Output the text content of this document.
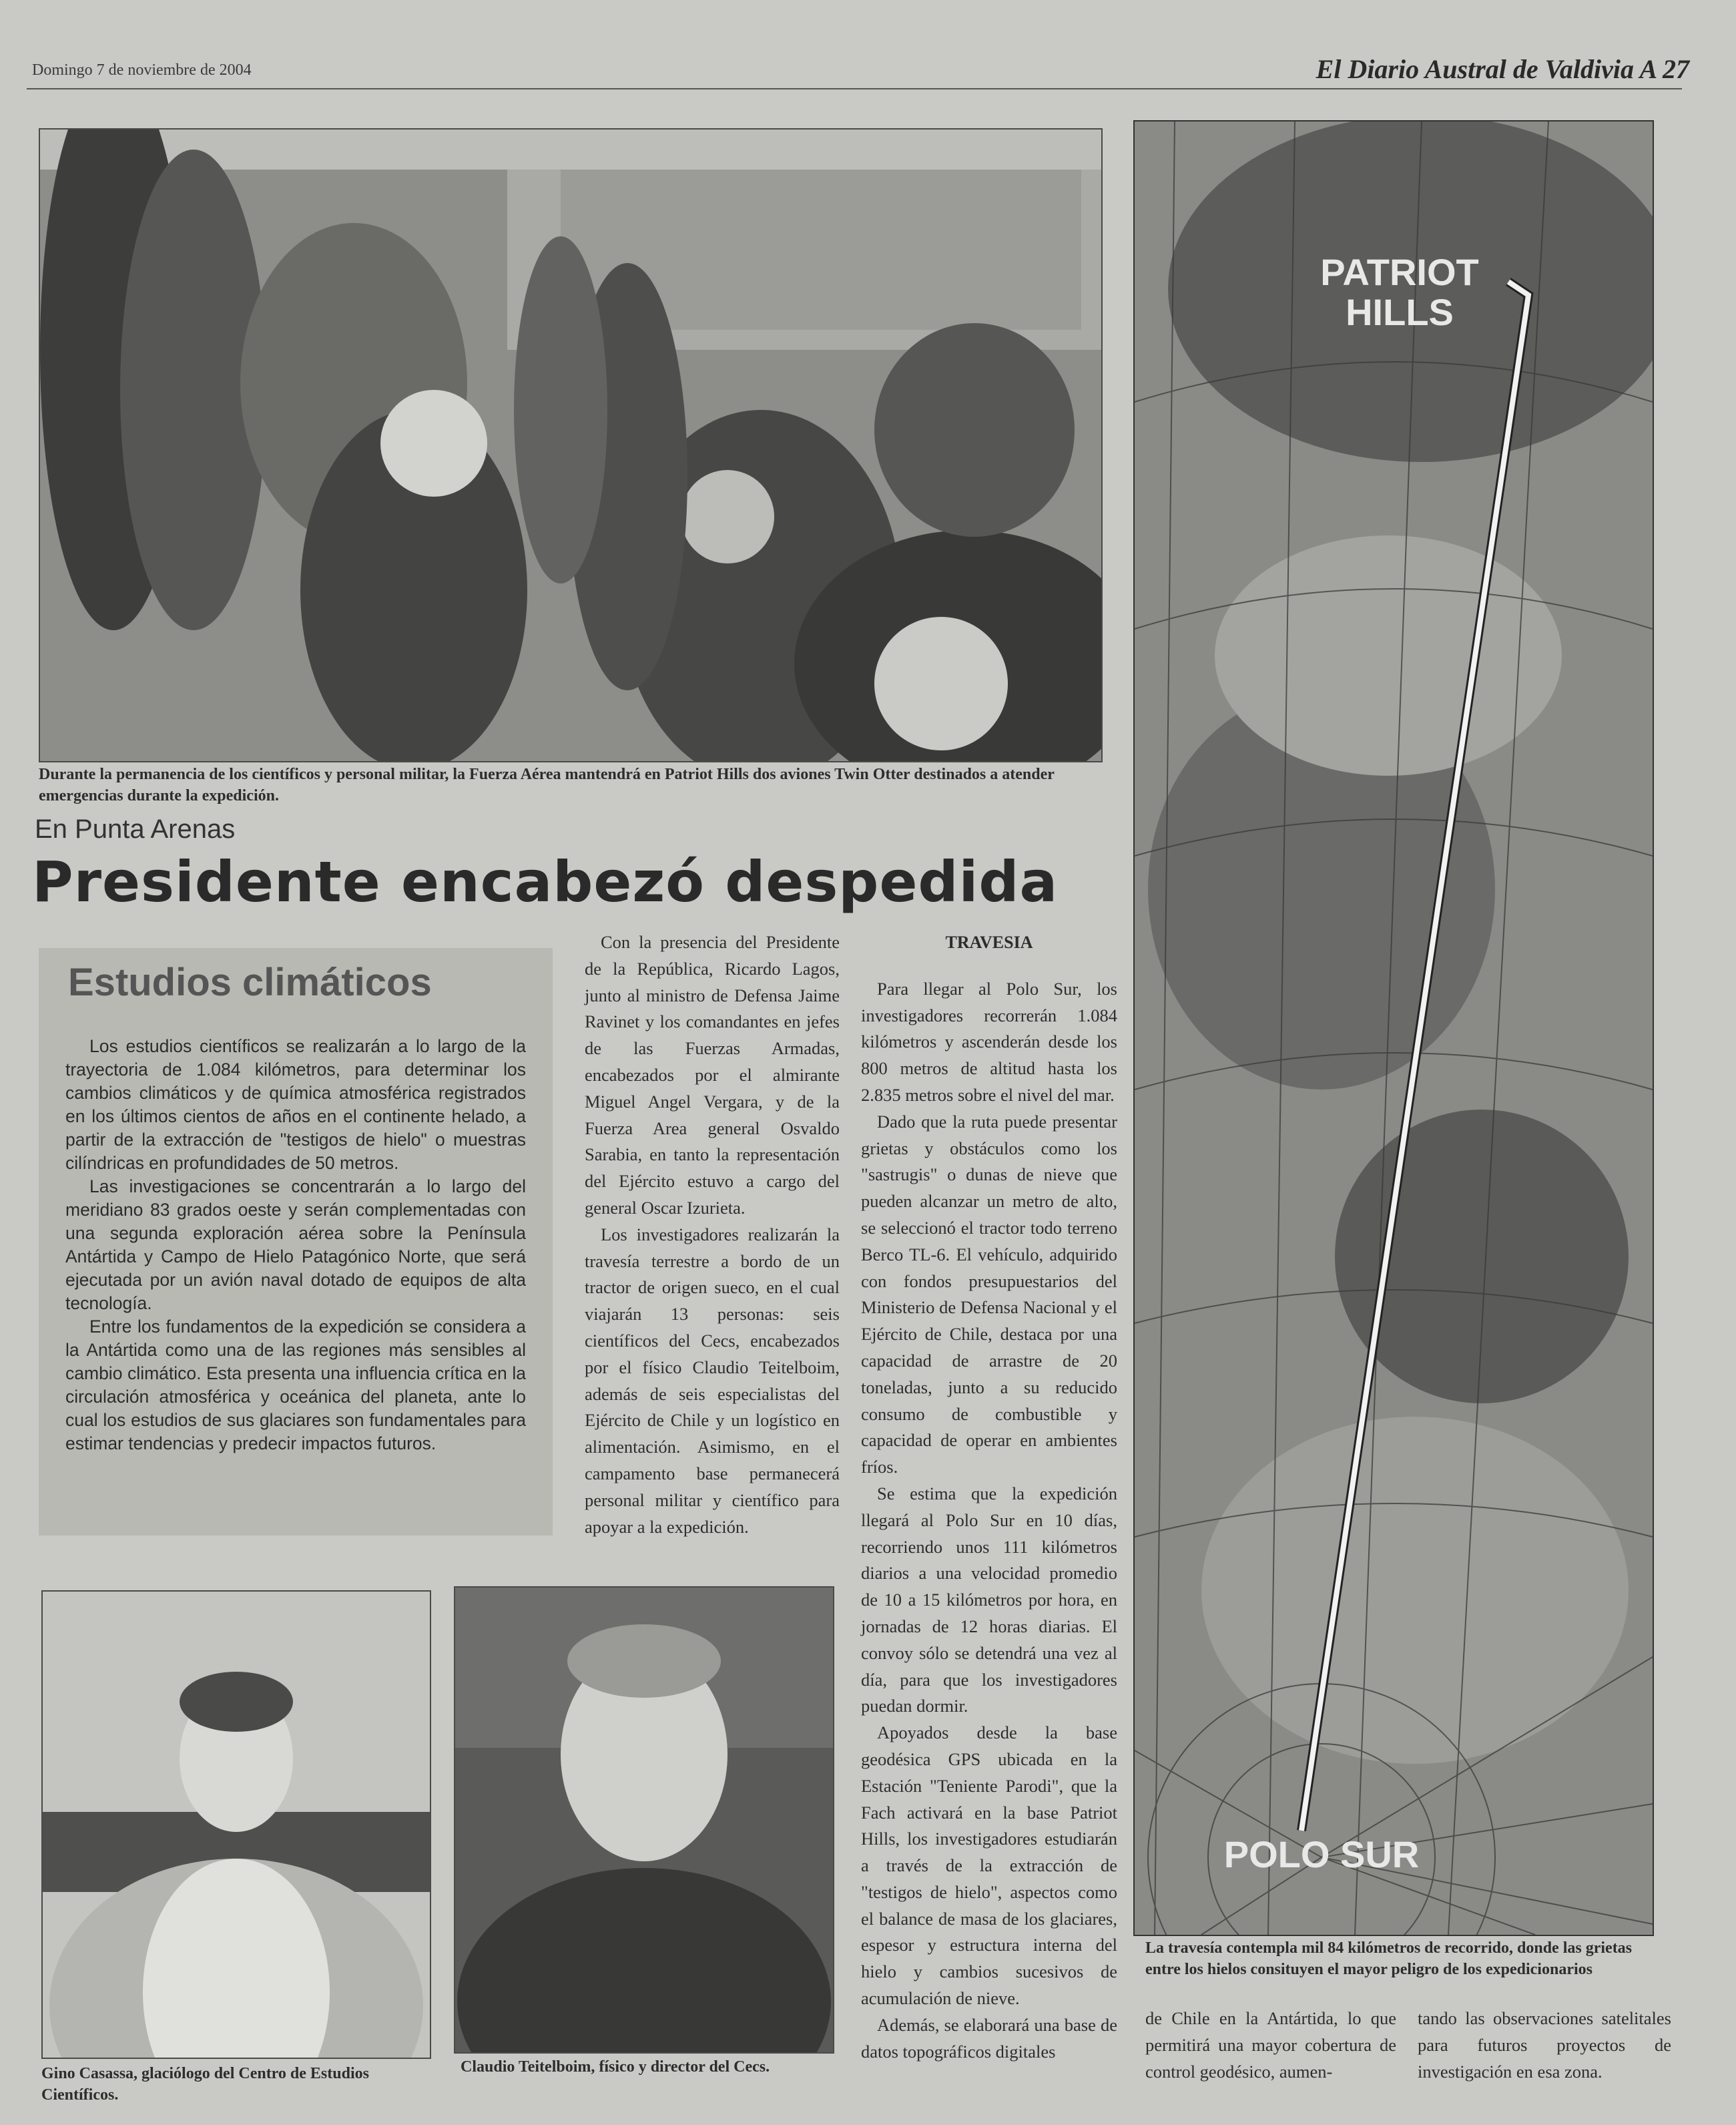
Domingo 7 de noviembre de 2004	El Diario Austral de Valdivia A 27
Durante la permanencia de los científicos y personal militar, la Fuerza Aérea mantendrá en Patriot Hills dos aviones Twin Otter destinados a atender emergencias durante la expedición.
En Punta Arenas
Presidente encabezó despedida
Estudios climáticos

Los estudios científicos se realizarán a lo largo de la trayectoria de 1.084 kilómetros, para determinar los cambios climáticos y de química atmosférica registrados en los últimos cientos de años en el continente helado, a partir de la extracción de "testigos de hielo" o muestras cilíndricas en profundidades de 50 metros.

Las investigaciones se concentrarán a lo largo del meridiano 83 grados oeste y serán complementadas con una segunda exploración aérea sobre la Península Antártida y Campo de Hielo Patagónico Norte, que será ejecutada por un avión naval dotado de equipos de alta tecnología.

Entre los fundamentos de la expedición se considera a la Antártida como una de las regiones más sensibles al cambio climático. Esta presenta una influencia crítica en la circulación atmosférica y oceánica del planeta, ante lo cual los estudios de sus glaciares son fundamentales para estimar tendencias y predecir impactos futuros.

Con la presencia del Presidente de la República, Ricardo Lagos, junto al ministro de Defensa Jaime Ravinet y los comandantes en jefes de las Fuerzas Armadas, encabezados por el almirante Miguel Angel Vergara, y de la Fuerza Area general Osvaldo Sarabia, en tanto la representación del Ejército estuvo a cargo del general Oscar Izurieta.

Los investigadores realizarán la travesía terrestre a bordo de un tractor de origen sueco, en el cual viajarán 13 personas: seis científicos del Cecs, encabezados por el físico Claudio Teitelboim, además de seis especialistas del Ejército de Chile y un logístico en alimentación. Asimismo, en el campamento base permanecerá personal militar y científico para apoyar a la expedición.

TRAVESIA

Para llegar al Polo Sur, los investigadores recorrerán 1.084 kilómetros y ascenderán desde los 800 metros de altitud hasta los 2.835 metros sobre el nivel del mar.

Dado que la ruta puede presentar grietas y obstáculos como los "sastrugis" o dunas de nieve que pueden alcanzar un metro de alto, se seleccionó el tractor todo terreno Berco TL-6. El vehículo, adquirido con fondos presupuestarios del Ministerio de Defensa Nacional y el Ejército de Chile, destaca por una capacidad de arrastre de 20 toneladas, junto a su reducido consumo de combustible y capacidad de operar en ambientes fríos.

Se estima que la expedición llegará al Polo Sur en 10 días, recorriendo unos 111 kilómetros diarios a una velocidad promedio de 10 a 15 kilómetros por hora, en jornadas de 12 horas diarias. El convoy sólo se detendrá una vez al día, para que los investigadores puedan dormir.

Apoyados desde la base geodésica GPS ubicada en la Estación "Teniente Parodi", que la Fach activará en la base Patriot Hills, los investigadores estudiarán a través de la extracción de "testigos de hielo", aspectos como el balance de masa de los glaciares, espesor y estructura interna del hielo y cambios sucesivos de acumulación de nieve.

Además, se elaborará una base de datos topográficos digitales

Gino Casassa, glaciólogo del Centro de Estudios Científicos.
Claudio Teitelboim, físico y director del Cecs.
PATRIOT HILLS
POLO SUR
La travesía contempla mil 84 kilómetros de recorrido, donde las grietas entre los hielos consituyen el mayor peligro de los expedicionarios
de Chile en la Antártida, lo que permitirá una mayor cobertura de control geodésico, aumen-
tando las observaciones satelitales para futuros proyectos de investigación en esa zona.
